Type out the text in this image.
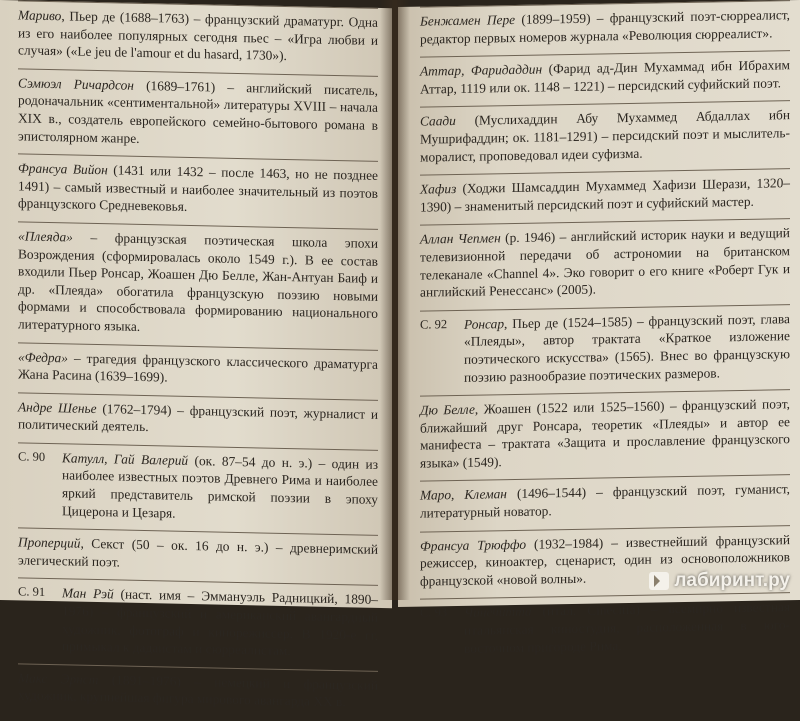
Мариво, Пьер де (1688–1763) – французский драматург. Одна из его наиболее популярных сегодня пьес – «Игра любви и случая» («Le jeu de l'amour et du hasard, 1730»).
Сэмюэл Ричардсон (1689–1761) – английский писатель, родоначальник «сентиментальной» литературы XVIII – начала XIX в., создатель европейского семейно-бытового романа в эпистолярном жанре.
Франсуа Вийон (1431 или 1432 – после 1463, но не позднее 1491) – самый известный и наиболее значительный из поэтов французского Средневековья.
«Плеяда» – французская поэтическая школа эпохи Возрождения (сформировалась около 1549 г.). В ее состав входили Пьер Ронсар, Жоашен Дю Белле, Жан-Антуан Баиф и др. «Плеяда» обогатила французскую поэзию новыми формами и способствовала формированию национального литературного языка.
«Федра» – трагедия французского классического драматурга Жана Расина (1639–1699).
Андре Шенье (1762–1794) – французский поэт, журналист и политический деятель.
С. 90 Катулл, Гай Валерий (ок. 87–54 до н. э.) – один из наиболее известных поэтов Древнего Рима и наиболее яркий представитель римской поэзии в эпоху Цицерона и Цезаря.
Проперций, Секст (50 – ок. 16 до н. э.) – древнеримский элегический поэт.
С. 91 Ман Рэй (наст. имя – Эммануэль Радницкий, 1890–1976) – французский и американский авангардный художник, фотограф и кинорежиссер. В 1920-е гг. примыкал к дадаистам и сюрреалистам.
Макс Эрнст (1891–1976) – немецкий и французский художник, крупнейшая фигура мирового авангарда XX в.
Бенжамен Пере (1899–1959) – французский поэт-сюрреалист, редактор первых номеров журнала «Революция сюрреалист».
Аттар, Фаридаддин (Фарид ад-Дин Мухаммад ибн Ибрахим Аттар, 1119 или ок. 1148 – 1221) – персидский суфийский поэт.
Саади (Муслихаддин Абу Мухаммед Абдаллах ибн Мушрифаддин; ок. 1181–1291) – персидский поэт и мыслитель-моралист, проповедовал идеи суфизма.
Хафиз (Ходжи Шамсаддин Мухаммед Хафизи Шерази, 1320–1390) – знаменитый персидский поэт и суфийский мастер.
Аллан Чепмен (р. 1946) – английский историк науки и ведущий телевизионной передачи об астрономии на британском телеканале «Channel 4». Эко говорит о его книге «Роберт Гук и английский Ренессанс» (2005).
С. 92 Ронсар, Пьер де (1524–1585) – французский поэт, глава «Плеяды», автор трактата «Краткое изложение поэтического искусства» (1565). Внес во французскую поэзию разнообразие поэтических размеров.
Дю Белле, Жоашен (1522 или 1525–1560) – французский поэт, ближайший друг Ронсара, теоретик «Плеяды» и автор ее манифеста – трактата «Защита и прославление французского языка» (1549).
Маро, Клеман (1496–1544) – французский поэт, гуманист, литературный новатор.
Франсуа Трюффо (1932–1984) – известнейший французский режиссер, киноактер, сценарист, один из основоположников французской «новой волны».
С. 93 Чинечитта (итал. Cinecittà) – всемирно известная итальянская киностудия, расположенная в юго-восточном пригороде Рима.
лабиринт.ру
